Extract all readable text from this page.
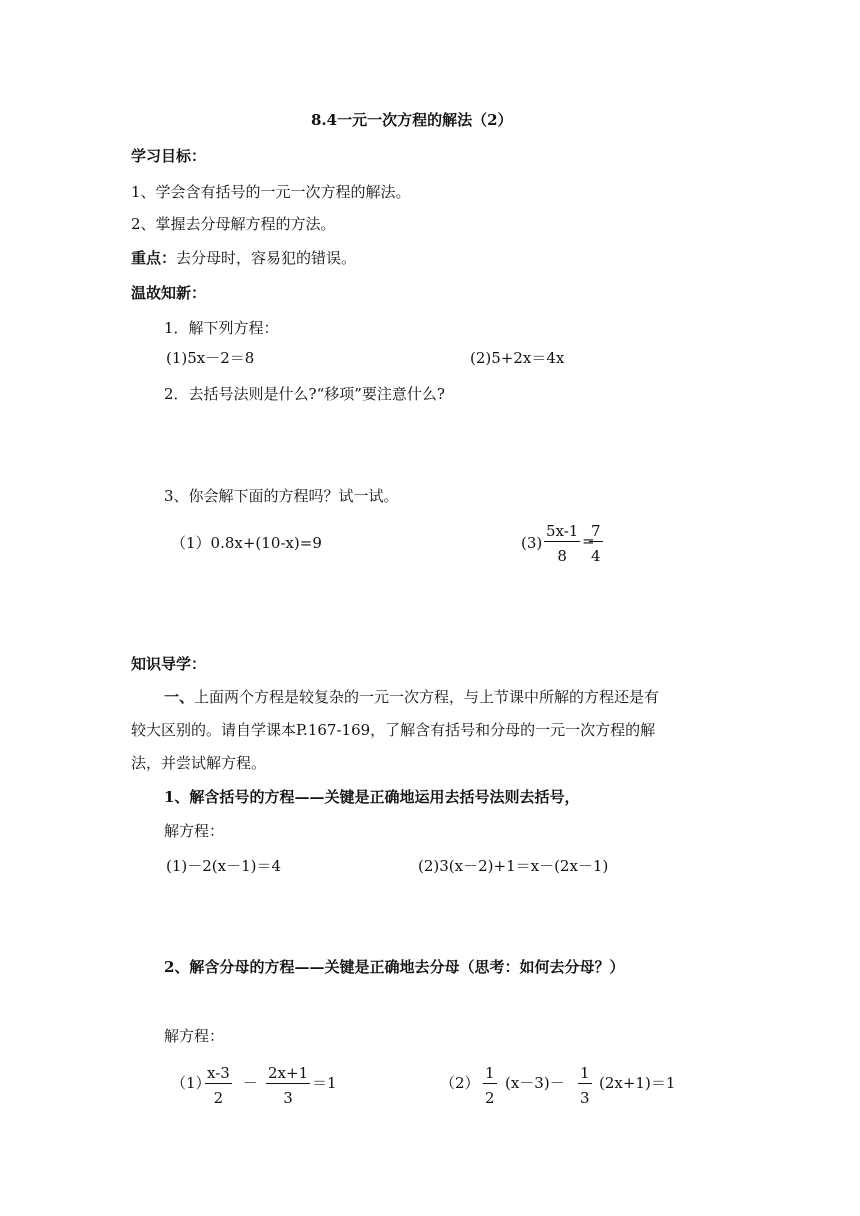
8.4一元一次方程的解法（2）
学习目标：
1、学会含有括号的一元一次方程的解法。
2、掌握去分母解方程的方法。
重点：去分母时，容易犯的错误。
温故知新：
1．解下列方程：
(1)5x－2＝8	(2)5+2x＝4x
2．去括号法则是什么?“移项”要注意什么?
3、你会解下面的方程吗？试一试。
（1）0.8x+(10-x)=9	$(3) \frac{5x-1}{8}$ =
$\frac{7}{4}$
知识导学：
一、上面两个方程是较复杂的一元一次方程，与上节课中所解的方程还是有
较大区别的。请自学课本P.167-169，了解含有括号和分母的一元一次方程的解
法，并尝试解方程。
1、解含括号的方程——关键是正确地运用去括号法则去括号，
解方程：
(1)－2(x－1)＝4	(2)3(x－2)+1＝x－(2x－1)
2、解含分母的方程——关键是正确地去分母（思考：如何去分母？）
解方程：
（1）
$\frac{x-3}{2} - \frac{2x+1}{3} =1$	$(2) \frac{1}{2} (x-3)- \frac{1}{3} (2x+1)=1$
